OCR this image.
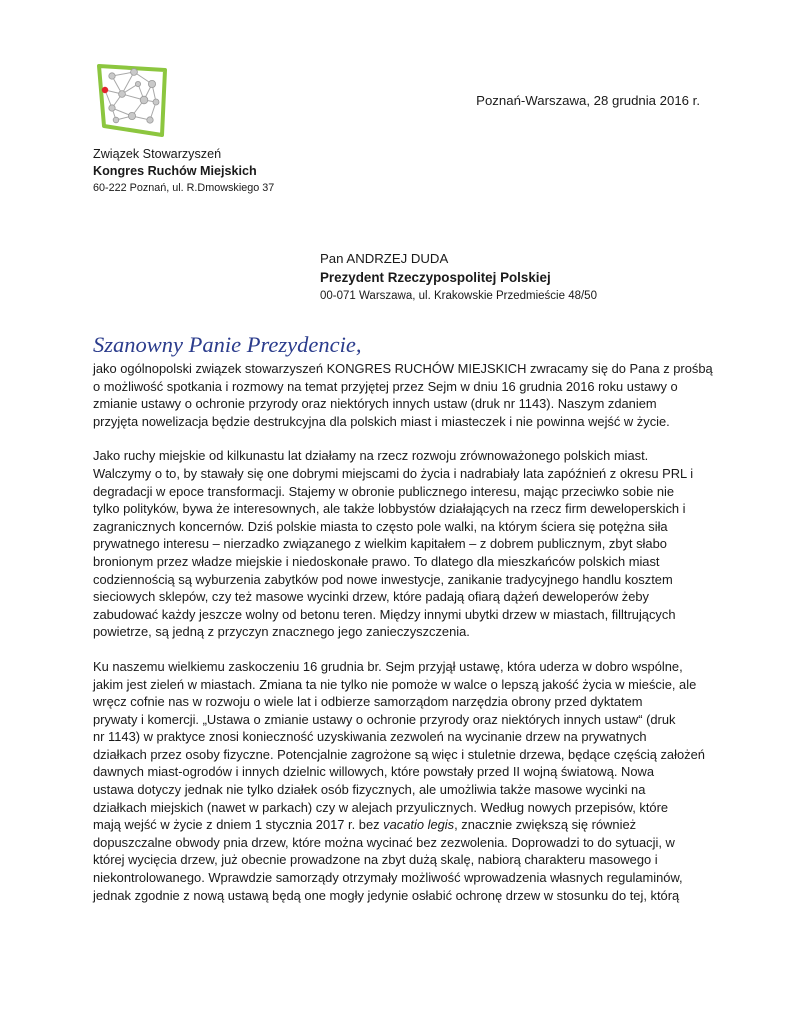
Poznań-Warszawa, 28 grudnia 2016 r.

Związek Stowarzyszeń
Kongres Ruchów Miejskich
60-222 Poznań, ul. R.Dmowskiego 37
Pan ANDRZEJ DUDA
Prezydent Rzeczypospolitej Polskiej
00-071 Warszawa, ul. Krakowskie Przedmieście 48/50

Szanowny Panie Prezydencie,

jako ogólnopolski związek stowarzyszeń KONGRES RUCHÓW MIEJSKICH zwracamy się do Pana z prośbą
o możliwość spotkania i rozmowy na temat przyjętej przez Sejm w dniu 16 grudnia 2016 roku ustawy o
zmianie ustawy o ochronie przyrody oraz niektórych innych ustaw (druk nr 1143). Naszym zdaniem
przyjęta nowelizacja będzie destrukcyjna dla polskich miast i miasteczek i nie powinna wejść w życie.

Jako ruchy miejskie od kilkunastu lat działamy na rzecz rozwoju zrównoważonego polskich miast.
Walczymy o to, by stawały się one dobrymi miejscami do życia i nadrabiały lata zapóźnień z okresu PRL i
degradacji w epoce transformacji. Stajemy w obronie publicznego interesu, mając przeciwko sobie nie
tylko polityków, bywa że interesownych, ale także lobbystów działających na rzecz firm deweloperskich i
zagranicznych koncernów. Dziś polskie miasta to często pole walki, na którym ściera się potężna siła
prywatnego interesu – nierzadko związanego z wielkim kapitałem – z dobrem publicznym, zbyt słabo
bronionym przez władze miejskie i niedoskonałe prawo. To dlatego dla mieszkańców polskich miast
codziennością są wyburzenia zabytków pod nowe inwestycje, zanikanie tradycyjnego handlu kosztem
sieciowych sklepów, czy też masowe wycinki drzew, które padają ofiarą dążeń deweloperów żeby
zabudować każdy jeszcze wolny od betonu teren. Między innymi ubytki drzew w miastach, filltrujących
powietrze, są jedną z przyczyn znacznego jego zanieczyszczenia.

Ku naszemu wielkiemu zaskoczeniu 16 grudnia br. Sejm przyjął ustawę, która uderza w dobro wspólne,
jakim jest zieleń w miastach. Zmiana ta nie tylko nie pomoże w walce o lepszą jakość życia w mieście, ale
wręcz cofnie nas w rozwoju o wiele lat i odbierze samorządom narzędzia obrony przed dyktatem
prywaty i komercji. „Ustawa o zmianie ustawy o ochronie przyrody oraz niektórych innych ustaw“ (druk
nr 1143) w praktyce znosi konieczność uzyskiwania zezwoleń na wycinanie drzew na prywatnych
działkach przez osoby fizyczne. Potencjalnie zagrożone są więc i stuletnie drzewa, będące częścią założeń
dawnych miast-ogrodów i innych dzielnic willowych, które powstały przed II wojną światową. Nowa
ustawa dotyczy jednak nie tylko działek osób fizycznych, ale umożliwia także masowe wycinki na
działkach miejskich (nawet w parkach) czy w alejach przyulicznych. Według nowych przepisów, które
mają wejść w życie z dniem 1 stycznia 2017 r. bez vacatio legis, znacznie zwiększą się również
dopuszczalne obwody pnia drzew, które można wycinać bez zezwolenia. Doprowadzi to do sytuacji, w
której wycięcia drzew, już obecnie prowadzone na zbyt dużą skalę, nabiorą charakteru masowego i
niekontrolowanego. Wprawdzie samorządy otrzymały możliwość wprowadzenia własnych regulaminów,
jednak zgodnie z nową ustawą będą one mogły jedynie osłabić ochronę drzew w stosunku do tej, którą
